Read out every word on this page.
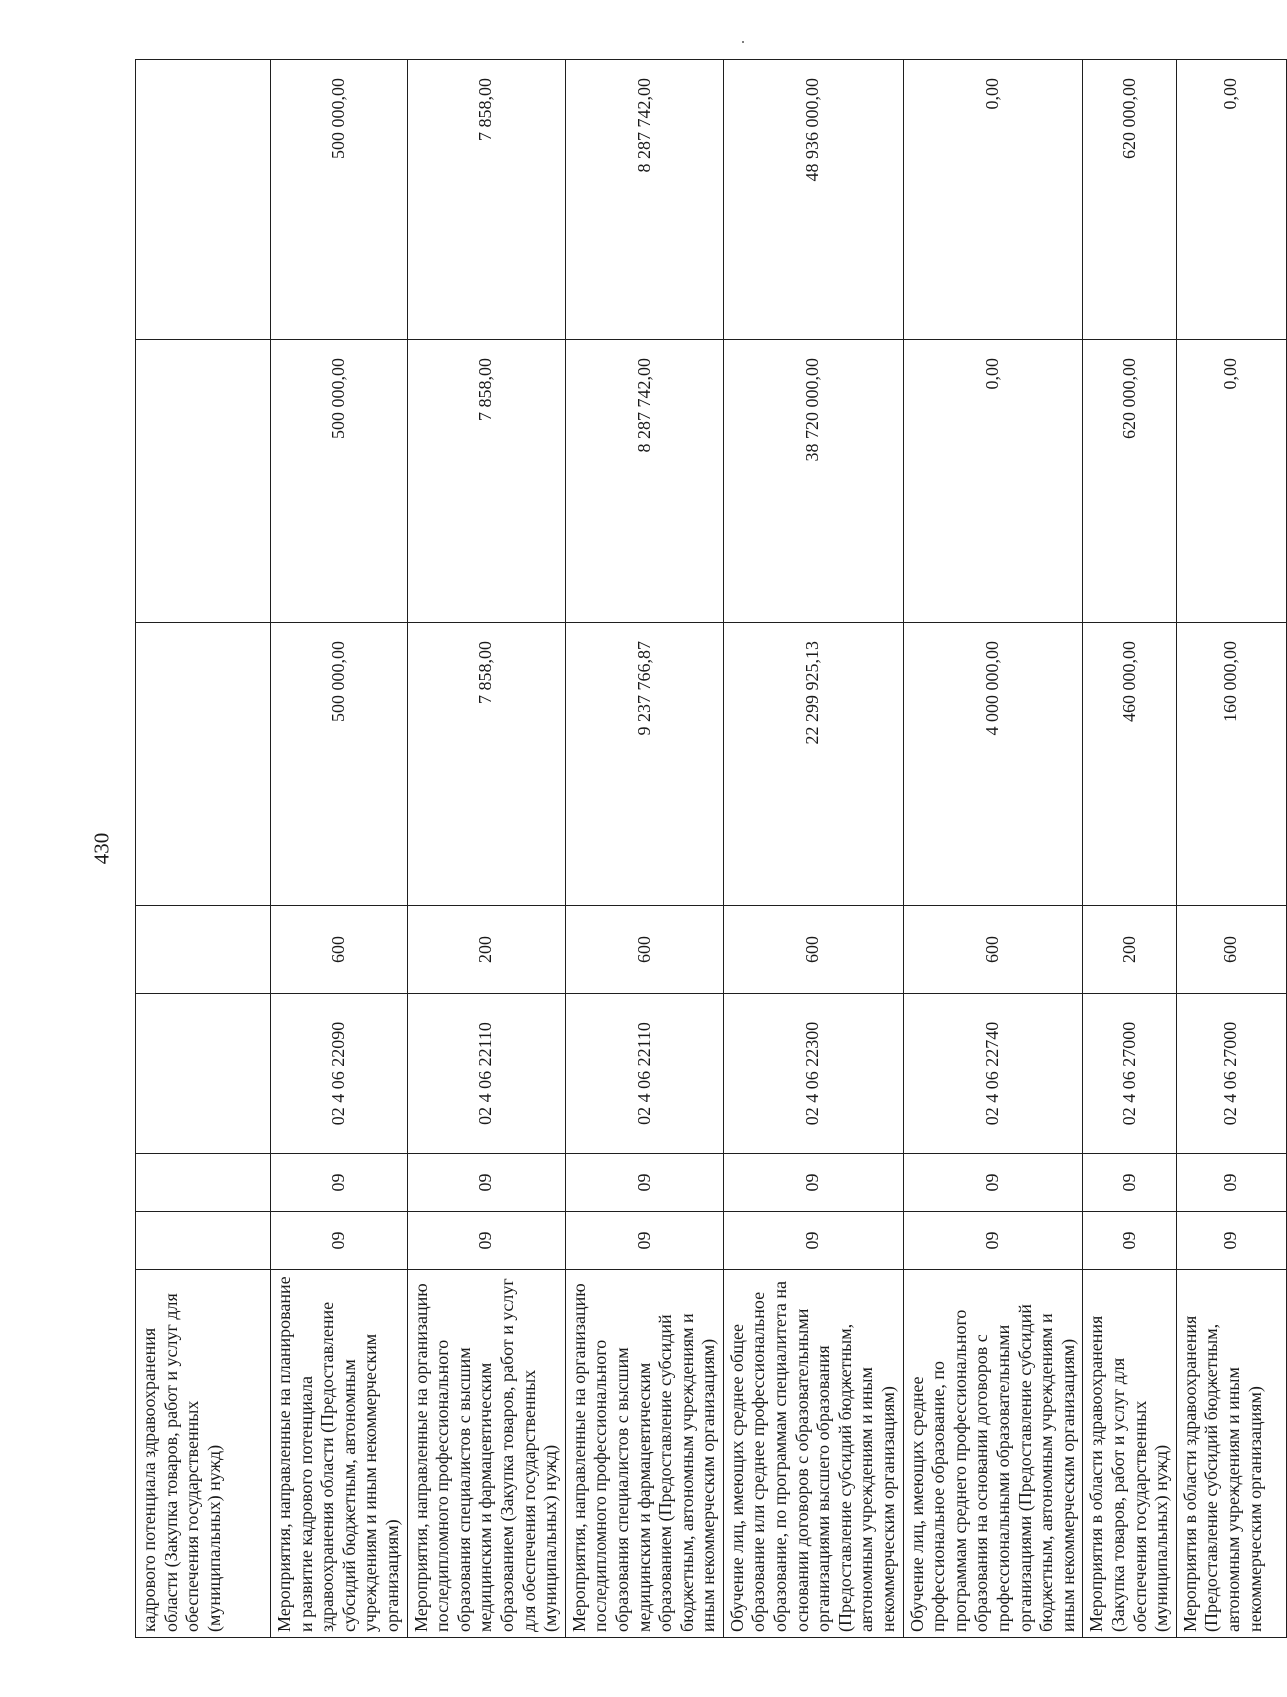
430
кадрового потенциала здравоохранения области (Закупка товаров, работ и услуг для обеспечения государственных (муниципальных) нужд)							
Мероприятия, направленные на планирование и развитие кадрового потенциала здравоохранения области (Предоставление субсидий бюджетным, автономным учреждениям и иным некоммерческим организациям)	09	09	02 4 06 22090	600	500 000,00	500 000,00	500 000,00
Мероприятия, направленные на организацию последипломного профессионального образования специалистов с высшим медицинским и фармацевтическим образованием (Закупка товаров, работ и услуг для обеспечения государственных (муниципальных) нужд)	09	09	02 4 06 22110	200	7 858,00	7 858,00	7 858,00
Мероприятия, направленные на организацию последипломного профессионального образования специалистов с высшим медицинским и фармацевтическим образованием (Предоставление субсидий бюджетным, автономным учреждениям и иным некоммерческим организациям)	09	09	02 4 06 22110	600	9 237 766,87	8 287 742,00	8 287 742,00
Обучение лиц, имеющих среднее общее образование или среднее профессиональное образование, по программам специалитета на основании договоров с образовательными организациями высшего образования (Предоставление субсидий бюджетным, автономным учреждениям и иным некоммерческим организациям)	09	09	02 4 06 22300	600	22 299 925,13	38 720 000,00	48 936 000,00
Обучение лиц, имеющих среднее профессиональное образование, по программам среднего профессионального образования на основании договоров с профессиональными образовательными организациями (Предоставление субсидий бюджетным, автономным учреждениям и иным некоммерческим организациям)	09	09	02 4 06 22740	600	4 000 000,00	0,00	0,00
Мероприятия в области здравоохранения (Закупка товаров, работ и услуг для обеспечения государственных (муниципальных) нужд)	09	09	02 4 06 27000	200	460 000,00	620 000,00	620 000,00
Мероприятия в области здравоохранения (Предоставление субсидий бюджетным, автономным учреждениям и иным некоммерческим организациям)	09	09	02 4 06 27000	600	160 000,00	0,00	0,00
